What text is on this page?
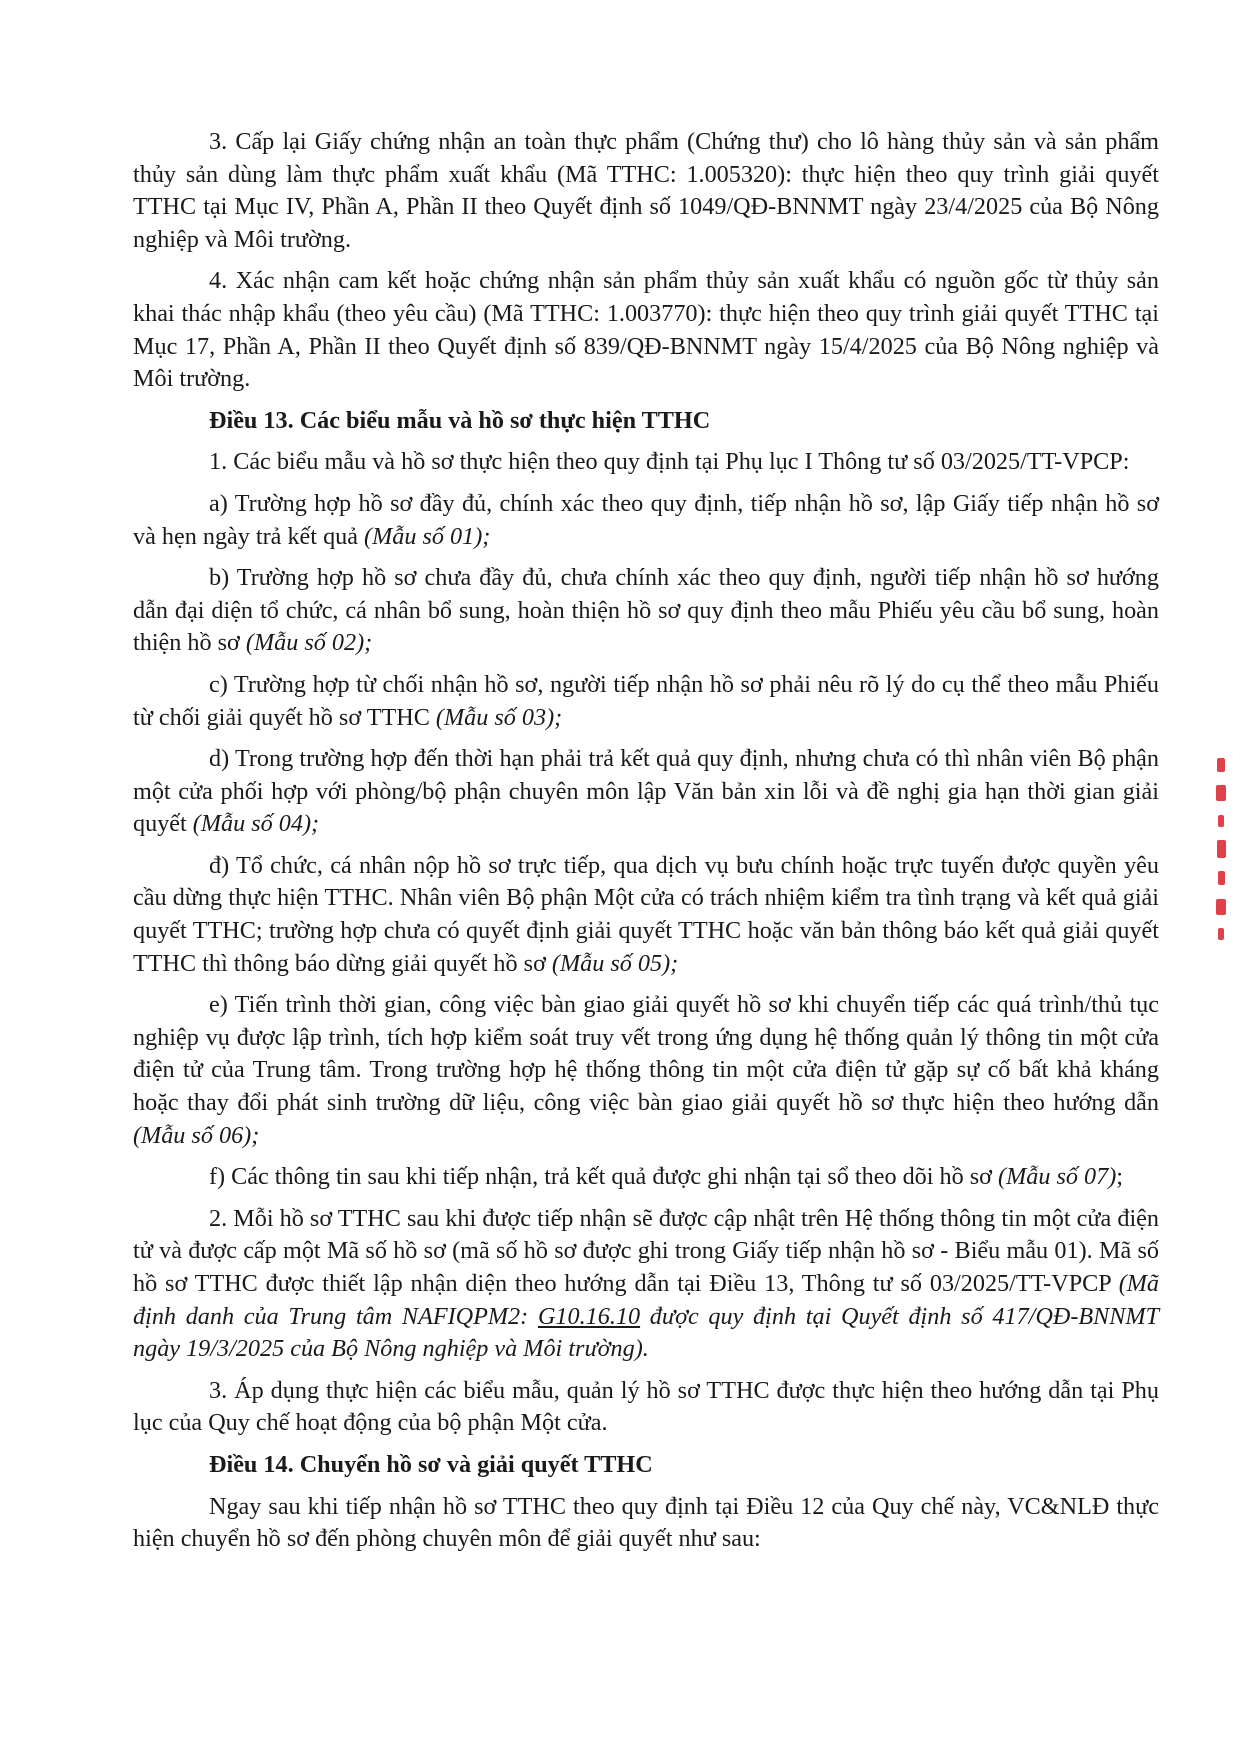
3. Cấp lại Giấy chứng nhận an toàn thực phẩm (Chứng thư) cho lô hàng thủy sản và sản phẩm thủy sản dùng làm thực phẩm xuất khẩu (Mã TTHC: 1.005320): thực hiện theo quy trình giải quyết TTHC tại Mục IV, Phần A, Phần II theo Quyết định số 1049/QĐ-BNNMT ngày 23/4/2025 của Bộ Nông nghiệp và Môi trường.

4. Xác nhận cam kết hoặc chứng nhận sản phẩm thủy sản xuất khẩu có nguồn gốc từ thủy sản khai thác nhập khẩu (theo yêu cầu) (Mã TTHC: 1.003770): thực hiện theo quy trình giải quyết TTHC tại Mục 17, Phần A, Phần II theo Quyết định số 839/QĐ-BNNMT ngày 15/4/2025 của Bộ Nông nghiệp và Môi trường.

Điều 13. Các biểu mẫu và hồ sơ thực hiện TTHC

1. Các biểu mẫu và hồ sơ thực hiện theo quy định tại Phụ lục I Thông tư số 03/2025/TT-VPCP:

a) Trường hợp hồ sơ đầy đủ, chính xác theo quy định, tiếp nhận hồ sơ, lập Giấy tiếp nhận hồ sơ và hẹn ngày trả kết quả (Mẫu số 01);

b) Trường hợp hồ sơ chưa đầy đủ, chưa chính xác theo quy định, người tiếp nhận hồ sơ hướng dẫn đại diện tổ chức, cá nhân bổ sung, hoàn thiện hồ sơ quy định theo mẫu Phiếu yêu cầu bổ sung, hoàn thiện hồ sơ (Mẫu số 02);

c) Trường hợp từ chối nhận hồ sơ, người tiếp nhận hồ sơ phải nêu rõ lý do cụ thể theo mẫu Phiếu từ chối giải quyết hồ sơ TTHC (Mẫu số 03);

d) Trong trường hợp đến thời hạn phải trả kết quả quy định, nhưng chưa có thì nhân viên Bộ phận một cửa phối hợp với phòng/bộ phận chuyên môn lập Văn bản xin lỗi và đề nghị gia hạn thời gian giải quyết (Mẫu số 04);

đ) Tổ chức, cá nhân nộp hồ sơ trực tiếp, qua dịch vụ bưu chính hoặc trực tuyến được quyền yêu cầu dừng thực hiện TTHC. Nhân viên Bộ phận Một cửa có trách nhiệm kiểm tra tình trạng và kết quả giải quyết TTHC; trường hợp chưa có quyết định giải quyết TTHC hoặc văn bản thông báo kết quả giải quyết TTHC thì thông báo dừng giải quyết hồ sơ (Mẫu số 05);

e) Tiến trình thời gian, công việc bàn giao giải quyết hồ sơ khi chuyển tiếp các quá trình/thủ tục nghiệp vụ được lập trình, tích hợp kiểm soát truy vết trong ứng dụng hệ thống quản lý thông tin một cửa điện tử của Trung tâm. Trong trường hợp hệ thống thông tin một cửa điện tử gặp sự cố bất khả kháng hoặc thay đổi phát sinh trường dữ liệu, công việc bàn giao giải quyết hồ sơ thực hiện theo hướng dẫn (Mẫu số 06);

f) Các thông tin sau khi tiếp nhận, trả kết quả được ghi nhận tại sổ theo dõi hồ sơ (Mẫu số 07);

2. Mỗi hồ sơ TTHC sau khi được tiếp nhận sẽ được cập nhật trên Hệ thống thông tin một cửa điện tử và được cấp một Mã số hồ sơ (mã số hồ sơ được ghi trong Giấy tiếp nhận hồ sơ - Biểu mẫu 01). Mã số hồ sơ TTHC được thiết lập nhận diện theo hướng dẫn tại Điều 13, Thông tư số 03/2025/TT-VPCP (Mã định danh của Trung tâm NAFIQPM2: G10.16.10 được quy định tại Quyết định số 417/QĐ-BNNMT ngày 19/3/2025 của Bộ Nông nghiệp và Môi trường).

3. Áp dụng thực hiện các biểu mẫu, quản lý hồ sơ TTHC được thực hiện theo hướng dẫn tại Phụ lục của Quy chế hoạt động của bộ phận Một cửa.

Điều 14. Chuyển hồ sơ và giải quyết TTHC

Ngay sau khi tiếp nhận hồ sơ TTHC theo quy định tại Điều 12 của Quy chế này, VC&NLĐ thực hiện chuyển hồ sơ đến phòng chuyên môn để giải quyết như sau:
